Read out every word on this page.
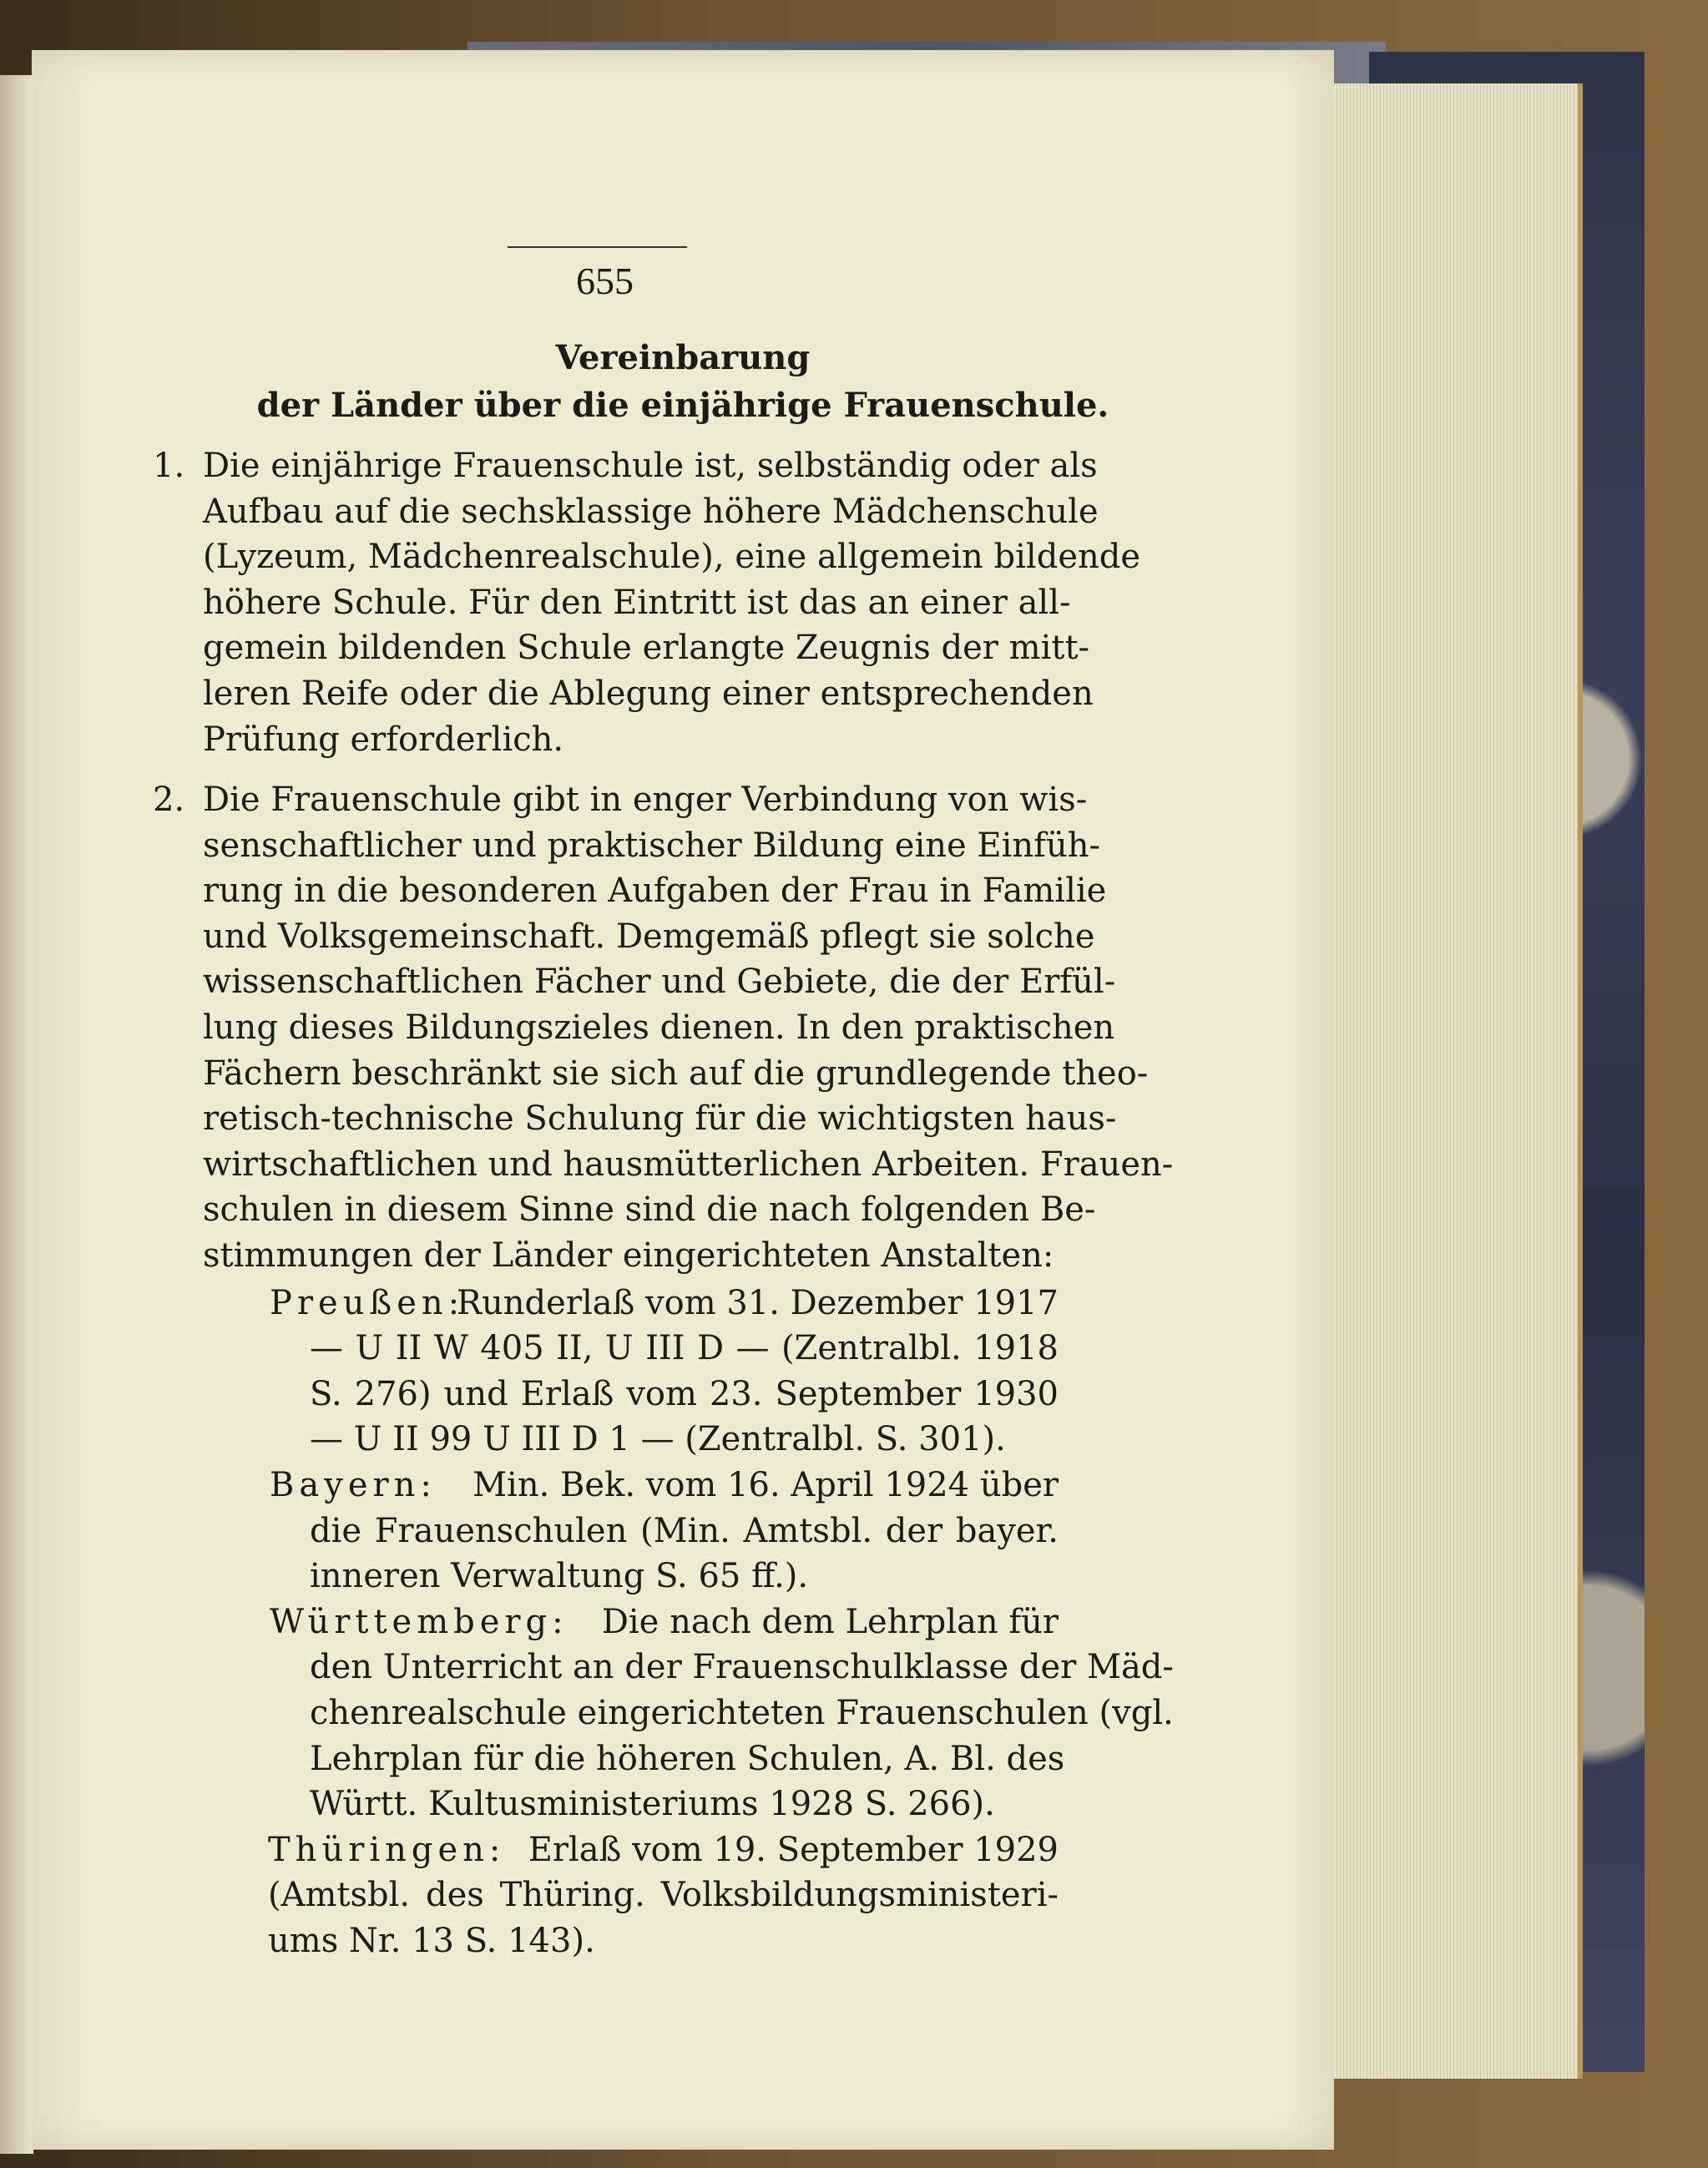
655
Vereinbarung
der Länder über die einjährige Frauenschule.
1.
2.
Die einjährige Frauenschule ist, selbständig oder als
Aufbau auf die sechsklassige höhere Mädchenschule
(Lyzeum, Mädchenrealschule), eine allgemein bildende
höhere Schule. Für den Eintritt ist das an einer all-
gemein bildenden Schule erlangte Zeugnis der mitt-
leren Reife oder die Ablegung einer entsprechenden
Prüfung erforderlich.
Die Frauenschule gibt in enger Verbindung von wis-
senschaftlicher und praktischer Bildung eine Einfüh-
rung in die besonderen Aufgaben der Frau in Familie
und Volksgemeinschaft. Demgemäß pflegt sie solche
wissenschaftlichen Fächer und Gebiete, die der Erfül-
lung dieses Bildungszieles dienen. In den praktischen
Fächern beschränkt sie sich auf die grundlegende theo-
retisch-technische Schulung für die wichtigsten haus-
wirtschaftlichen und hausmütterlichen Arbeiten. Frauen-
schulen in diesem Sinne sind die nach folgenden Be-
stimmungen der Länder eingerichteten Anstalten:
Preußen:
Runderlaß vom 31. Dezember 1917
— U II W 405 II, U III D — (Zentralbl. 1918
S. 276) und Erlaß vom 23. September 1930
— U II 99 U III D 1 — (Zentralbl. S. 301).
Bayern: Min. Bek. vom 16. April 1924 über
die Frauenschulen (Min. Amtsbl. der bayer.
inneren Verwaltung S. 65 ff.).
Württemberg: Die nach dem Lehrplan für
den Unterricht an der Frauenschulklasse der Mäd-
chenrealschule eingerichteten Frauenschulen (vgl.
Lehrplan für die höheren Schulen, A. Bl. des
Württ. Kultusministeriums 1928 S. 266).
Thüringen: Erlaß vom 19. September 1929
(Amtsbl. des Thüring. Volksbildungsministeri-
ums Nr. 13 S. 143).
